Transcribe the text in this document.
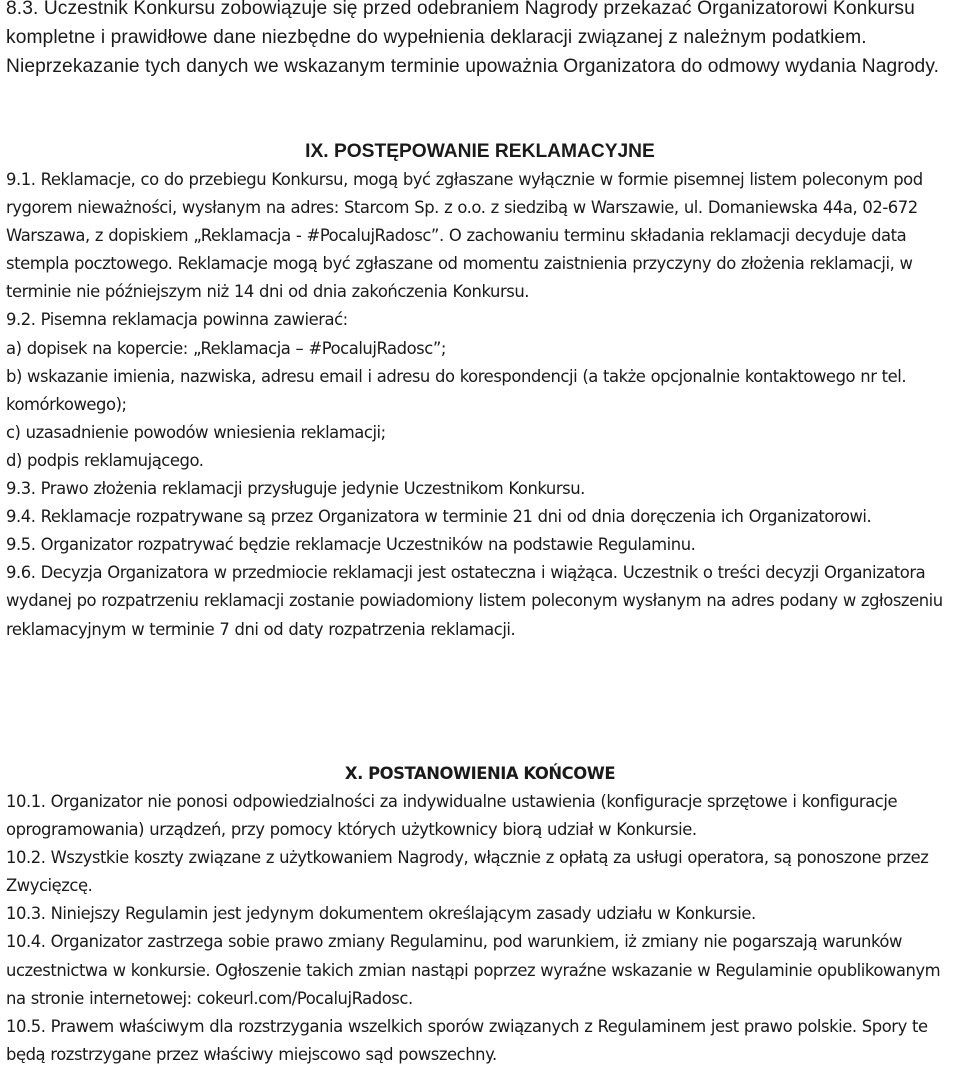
8.3. Uczestnik Konkursu zobowiązuje się przed odebraniem Nagrody przekazać Organizatorowi Konkursu kompletne i prawidłowe dane niezbędne do wypełnienia deklaracji związanej z należnym podatkiem. Nieprzekazanie tych danych we wskazanym terminie upoważnia Organizatora do odmowy wydania Nagrody.

IX. POSTĘPOWANIE REKLAMACYJNE

9.1. Reklamacje, co do przebiegu Konkursu, mogą być zgłaszane wyłącznie w formie pisemnej listem poleconym pod rygorem nieważności, wysłanym na adres: Starcom Sp. z o.o. z siedzibą w Warszawie, ul. Domaniewska 44a, 02-672 Warszawa, z dopiskiem „Reklamacja - #PocalujRadosc”. O zachowaniu terminu składania reklamacji decyduje data stempla pocztowego. Reklamacje mogą być zgłaszane od momentu zaistnienia przyczyny do złożenia reklamacji, w terminie nie późniejszym niż 14 dni od dnia zakończenia Konkursu.

9.2. Pisemna reklamacja powinna zawierać:

a) dopisek na kopercie: „Reklamacja – #PocalujRadosc”;

b) wskazanie imienia, nazwiska, adresu email i adresu do korespondencji (a także opcjonalnie kontaktowego nr tel. komórkowego);

c) uzasadnienie powodów wniesienia reklamacji;

d) podpis reklamującego.

9.3. Prawo złożenia reklamacji przysługuje jedynie Uczestnikom Konkursu.

9.4. Reklamacje rozpatrywane są przez Organizatora w terminie 21 dni od dnia doręczenia ich Organizatorowi.

9.5. Organizator rozpatrywać będzie reklamacje Uczestników na podstawie Regulaminu.

9.6. Decyzja Organizatora w przedmiocie reklamacji jest ostateczna i wiążąca. Uczestnik o treści decyzji Organizatora wydanej po rozpatrzeniu reklamacji zostanie powiadomiony listem poleconym wysłanym na adres podany w zgłoszeniu reklamacyjnym w terminie 7 dni od daty rozpatrzenia reklamacji.

X. POSTANOWIENIA KOŃCOWE

10.1. Organizator nie ponosi odpowiedzialności za indywidualne ustawienia (konfiguracje sprzętowe i konfiguracje oprogramowania) urządzeń, przy pomocy których użytkownicy biorą udział w Konkursie.

10.2. Wszystkie koszty związane z użytkowaniem Nagrody, włącznie z opłatą za usługi operatora, są ponoszone przez Zwycięzcę.

10.3. Niniejszy Regulamin jest jedynym dokumentem określającym zasady udziału w Konkursie.

10.4. Organizator zastrzega sobie prawo zmiany Regulaminu, pod warunkiem, iż zmiany nie pogarszają warunków uczestnictwa w konkursie. Ogłoszenie takich zmian nastąpi poprzez wyraźne wskazanie w Regulaminie opublikowanym na stronie internetowej: cokeurl.com/PocalujRadosc.

10.5. Prawem właściwym dla rozstrzygania wszelkich sporów związanych z Regulaminem jest prawo polskie. Spory te będą rozstrzygane przez właściwy miejscowo sąd powszechny.
